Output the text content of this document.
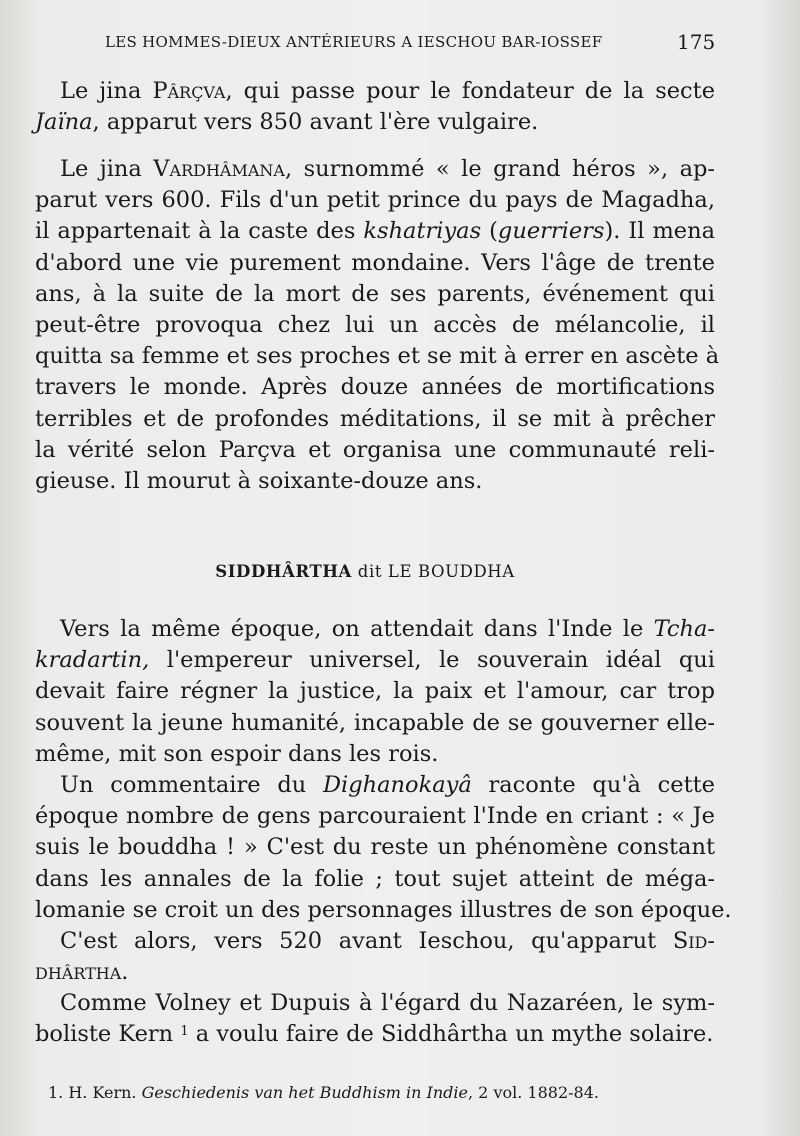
LES HOMMES-DIEUX ANTÉRIEURS A IESCHOU BAR-IOSSEF	175
Le jina Pârçva, qui passe pour le fondateur de la secte
Jaïna, apparut vers 850 avant l'ère vulgaire.
Le jina Vardhâmana, surnommé « le grand héros », ap-
parut vers 600. Fils d'un petit prince du pays de Magadha,
il appartenait à la caste des kshatriyas (guerriers). Il mena
d'abord une vie purement mondaine. Vers l'âge de trente
ans, à la suite de la mort de ses parents, événement qui
peut-être provoqua chez lui un accès de mélancolie, il
quitta sa femme et ses proches et se mit à errer en ascète à
travers le monde. Après douze années de mortifications
terribles et de profondes méditations, il se mit à prêcher
la vérité selon Parçva et organisa une communauté reli-
gieuse. Il mourut à soixante-douze ans.
SIDDHÂRTHA dit LE BOUDDHA
Vers la même époque, on attendait dans l'Inde le Tcha-
kradartin, l'empereur universel, le souverain idéal qui
devait faire régner la justice, la paix et l'amour, car trop
souvent la jeune humanité, incapable de se gouverner elle-
même, mit son espoir dans les rois.
Un commentaire du Dighanokayâ raconte qu'à cette
époque nombre de gens parcouraient l'Inde en criant : « Je
suis le bouddha ! » C'est du reste un phénomène constant
dans les annales de la folie ; tout sujet atteint de méga-
lomanie se croit un des personnages illustres de son époque.
C'est alors, vers 520 avant Ieschou, qu'apparut Sid-
dhârtha.
Comme Volney et Dupuis à l'égard du Nazaréen, le sym-
boliste Kern $^1$ a voulu faire de Siddhârtha un mythe solaire.
1. H. Kern. Geschiedenis van het Buddhism in Indie, 2 vol. 1882-84.
